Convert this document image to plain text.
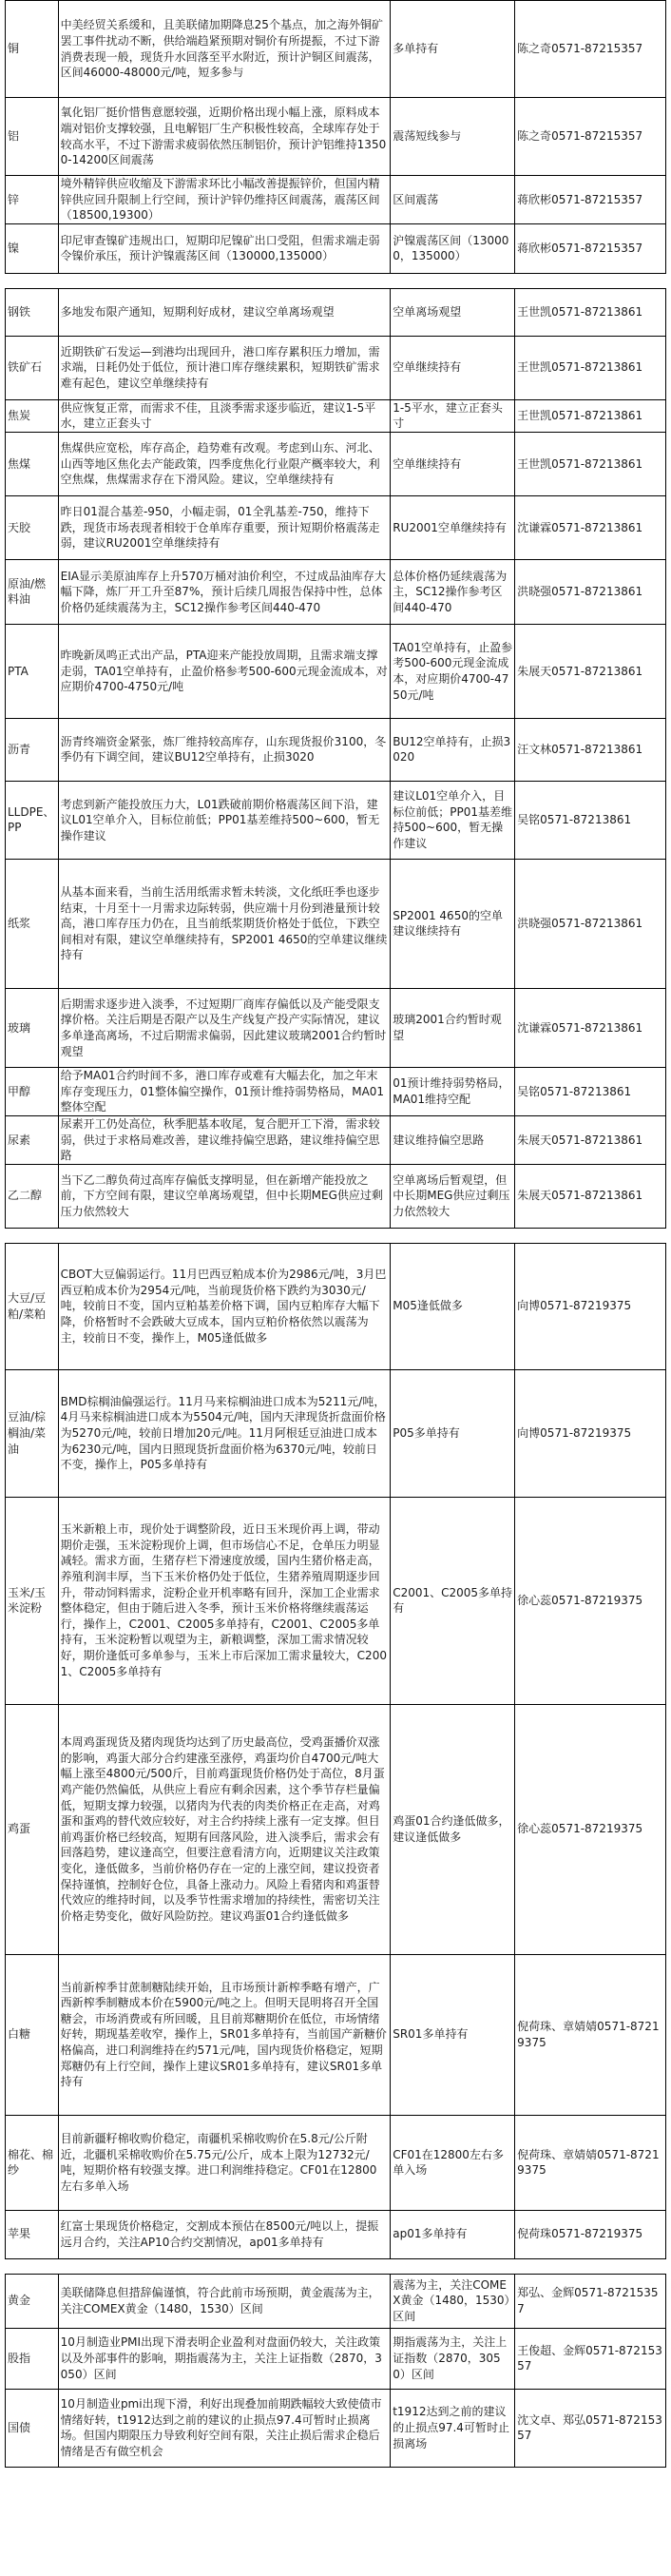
铜	中美经贸关系缓和，且美联储加期降息25个基点，加之海外铜矿罢工事件扰动不断，供给端趋紧预期对铜价有所提振，不过下游消费表现一般，现货升水回落至平水附近，预计沪铜区间震荡，区间46000-48000元/吨，短多参与	多单持有	陈之奇0571-87215357
铝	氧化铝厂挺价惜售意愿较强，近期价格出现小幅上涨，原料成本端对铝价支撑较强，且电解铝厂生产积极性较高，全球库存处于较高水平，不过下游需求疲弱依然压制铝价，预计沪铝维持13500-14200区间震荡	震荡短线参与	陈之奇0571-87215357
锌	境外精锌供应收缩及下游需求环比小幅改善提振锌价，但国内精锌供应回升限制上行空间，预计沪锌仍维持区间震荡，震荡区间（18500,19300）	区间震荡	蒋欣彬0571-87215357
镍	印尼审查镍矿违规出口，短期印尼镍矿出口受阻，但需求端走弱令镍价承压，预计沪镍震荡区间（130000,135000）	沪镍震荡区间（130000，135000）	蒋欣彬0571-87215357

钢铁	多地发布限产通知，短期利好成材，建议空单离场观望	空单离场观望	王世凯0571-87213861
铁矿石	近期铁矿石发运—到港均出现回升，港口库存累积压力增加，需求端，日耗仍处于低位，预计港口库存继续累积，短期铁矿需求难有起色，建议空单继续持有	空单继续持有	王世凯0571-87213861
焦炭	供应恢复正常，而需求不佳，且淡季需求逐步临近，建议1-5平水，建立正套头寸	1-5平水，建立正套头寸	王世凯0571-87213861
焦煤	焦煤供应宽松，库存高企，趋势难有改观。考虑到山东、河北、山西等地区焦化去产能政策，四季度焦化行业限产概率较大，利空焦煤，焦煤需求存在下滑风险。建议，空单继续持有	空单继续持有	王世凯0571-87213861
天胶	昨日01混合基差-950，小幅走弱，01全乳基差-750，维持下跌，现货市场表现者相较于仓单库存重要，预计短期价格震荡走弱，建议RU2001空单继续持有	RU2001空单继续持有	沈谦霖0571-87213861
原油/燃料油	EIA显示美原油库存上升570万桶对油价利空，不过成品油库存大幅下降，炼厂开工升至87%，预计后续几周报告保持中性，总体价格仍延续震荡为主，SC12操作参考区间440-470	总体价格仍延续震荡为主，SC12操作参考区间440-470	洪晓强0571-87213861
PTA	昨晚新凤鸣正式出产品，PTA迎来产能投放周期，且需求端支撑走弱，TA01空单持有，止盈价格参考500-600元现金流成本，对应期价4700-4750元/吨	TA01空单持有，止盈参考500-600元现金流成本，对应期价4700-4750元/吨	朱展天0571-87213861
沥青	沥青终端资金紧张，炼厂维持较高库存，山东现货报价3100，冬季仍有下调空间，建议BU12空单持有，止损3020	BU12空单持有，止损3020	汪文林0571-87213861
LLDPE、PP	考虑到新产能投放压力大，L01跌破前期价格震荡区间下沿，建议L01空单介入，目标位前低；PP01基差维持500~600，暂无操作建议	建议L01空单介入，目标位前低；PP01基差维持500~600，暂无操作建议	吴铭0571-87213861
纸浆	从基本面来看，当前生活用纸需求暂未转淡，文化纸旺季也逐步结束，十月至十一月需求边际转弱，供应端十月份到港量预计较高，港口库存压力仍在，且当前纸浆期货价格处于低位，下跌空间相对有限，建议空单继续持有，SP2001 4650的空单建议继续持有	SP2001 4650的空单建议继续持有	洪晓强0571-87213861
玻璃	后期需求逐步进入淡季，不过短期厂商库存偏低以及产能受限支撑价格。关注后期是否限产以及生产线复产投产实际情况，建议多单逢高离场，不过后期需求偏弱，因此建议玻璃2001合约暂时观望	玻璃2001合约暂时观望	沈谦霖0571-87213861
甲醇	给予MA01合约时间不多，港口库存或难有大幅去化，加之年末库存变现压力，01整体偏空操作，01预计维持弱势格局，MA01整体空配	01预计维持弱势格局，MA01维持空配	吴铭0571-87213861
尿素	尿素开工仍处高位，秋季肥基本收尾，复合肥开工下滑，需求较弱，供过于求格局难改善，建议维持偏空思路，建议维持偏空思路	建议维持偏空思路	朱展天0571-87213861
乙二醇	当下乙二醇负荷过高库存偏低支撑明显，但在新增产能投放之前，下方空间有限，建议空单离场观望，但中长期MEG供应过剩压力依然较大	空单离场后暂观望，但中长期MEG供应过剩压力依然较大	朱展天0571-87213861

大豆/豆粕/菜粕	CBOT大豆偏弱运行。11月巴西豆粕成本价为2986元/吨，3月巴西豆粕成本价为2954元/吨，当前现货价格下跌约为3030元/吨，较前日不变，国内豆粕基差价格下调，国内豆粕库存大幅下降，价格暂时不会跌破大豆成本，国内豆粕价格依然以震荡为主，较前日不变，操作上，M05逢低做多	M05逢低做多	向博0571-87219375
豆油/棕榈油/菜油	BMD棕榈油偏强运行。11月马来棕榈油进口成本为5211元/吨，4月马来棕榈油进口成本为5504元/吨，国内天津现货折盘面价格为5270元/吨，较前日增加20元/吨。11月阿根廷豆油进口成本为6230元/吨，国内日照现货折盘面价格为6370元/吨，较前日不变，操作上，P05多单持有	P05多单持有	向博0571-87219375
玉米/玉米淀粉	玉米新粮上市，现价处于调整阶段，近日玉米现价再上调，带动期价走强，玉米淀粉现价上调，但市场信心不足，仓单压力明显减轻。需求方面，生猪存栏下滑速度放缓，国内生猪价格走高，养殖利润丰厚，当下玉米价格仍处于低位，生猪养殖周期逐步回升，带动饲料需求，淀粉企业开机率略有回升，深加工企业需求整体稳定，但由于随后进入冬季，预计玉米价格将继续震荡运行，操作上，C2001、C2005多单持有，C2001、C2005多单持有，玉米淀粉暂以观望为主，新粮调整，深加工需求情况较好，期价逢低可多单参与，玉米上市后深加工需求量较大，C2001、C2005多单持有	C2001、C2005多单持有	徐心蕊0571-87219375
鸡蛋	本周鸡蛋现货及猪肉现货均达到了历史最高位，受鸡蛋播价双涨的影响，鸡蛋大部分合约建涨至涨停，鸡蛋均价自4700元/吨大幅上涨至4800元/500斤，目前鸡蛋现货价格仍处于高位，8月蛋鸡产能仍然偏低，从供应上看应有剩余因素，这个季节存栏量偏低，短期支撑力较强，以猪肉为代表的肉类价格正在走高，对鸡蛋和蛋鸡的替代效应较好，对主合约持续上涨有一定支撑。但目前鸡蛋价格已经较高，短期有回落风险，进入淡季后，需求会有回落趋势，建议逢高空，但要注意看清方向，近期建议关注政策变化，逢低做多，当前价格仍存在一定的上涨空间，建议投资者保持谨慎，控制好仓位，具备上涨动力。风险上看猪肉和鸡蛋替代效应的维持时间，以及季节性需求增加的持续性，需密切关注价格走势变化，做好风险防控。建议鸡蛋01合约逢低做多	鸡蛋01合约逢低做多，建议逢低做多	徐心蕊0571-87219375
白糖	当前新榨季甘蔗制糖陆续开始，且市场预计新榨季略有增产，广西新榨季制糖成本价在5900元/吨之上。但明天昆明将召开全国糖会，市场消费或有所回暖，且目前郑糖期价在低位，市场情绪好转，期现基差收窄，操作上，SR01多单持有，当前国产新糖价格偏高，进口利润维持在约571元/吨，国内现货价格稳定，短期郑糖仍有上行空间，操作上建议SR01多单持有，建议SR01多单持有	SR01多单持有	倪荷珠、章婧婧0571-87219375
棉花、棉纱	目前新疆籽棉收购价稳定，南疆机采棉收购价在5.8元/公斤附近，北疆机采棉收购价在5.75元/公斤，成本上限为12732元/吨，短期价格有较强支撑。进口利润维持稳定。CF01在12800左右多单入场	CF01在12800左右多单入场	倪荷珠、章婧婧0571-87219375
苹果	红富士果现货价格稳定，交割成本预估在8500元/吨以上，提振远月合约，关注AP10合约交割情况，ap01多单持有	ap01多单持有	倪荷珠0571-87219375

黄金	美联储降息但措辞偏谨慎，符合此前市场预期，黄金震荡为主，关注COMEX黄金（1480，1530）区间	震荡为主，关注COMEX黄金（1480，1530）区间	郑弘、金辉0571-87215357
股指	10月制造业PMI出现下滑表明企业盈利对盘面仍较大，关注政策以及外部事件的影响，期指震荡为主，关注上证指数（2870，3050）区间	期指震荡为主，关注上证指数（2870，3050）区间	王俊超、金辉0571-87215357
国债	10月制造业pmi出现下滑，利好出现叠加前期跌幅较大致使债市情绪好转，t1912达到之前的建议的止损点97.4可暂时止损离场。但国内期限压力导致利好空间有限，关注止损后需求企稳后情绪是否有做空机会	t1912达到之前的建议的止损点97.4可暂时止损离场	沈文卓、郑弘0571-87215357
